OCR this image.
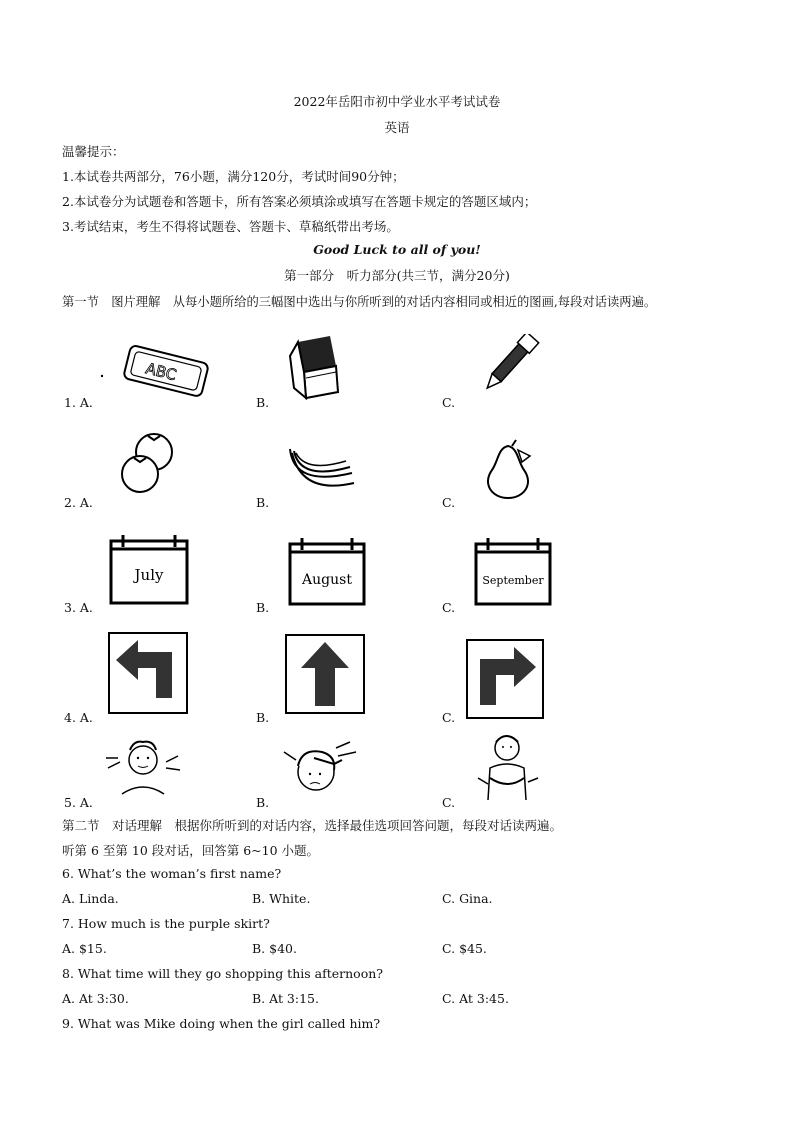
2022年岳阳市初中学业水平考试试卷
英语
温馨提示：
1.本试卷共两部分，76小题，满分120分，考试时间90分钟；
2.本试卷分为试题卷和答题卡，所有答案必须填涂或填写在答题卡规定的答题区域内；
3.考试结束，考生不得将试题卷、答题卡、草稿纸带出考场。
Good Luck to all of you!
第一部分　听力部分(共三节，满分20分)
第一节　图片理解　从每小题所给的三幅图中选出与你所听到的对话内容相同或相近的图画,每段对话读两遍。
ABC
1. A.	B.	C.
2. A.	B.	C.
July	August	September
3. A.	B.	C.
4. A.	B.	C.
5. A.	B.	C.
第二节　对话理解　根据你所听到的对话内容，选择最佳选项回答问题，每段对话读两遍。
听第 6 至第 10 段对话，回答第 6~10 小题。
6. What’s the woman’s first name?
A. Linda.	B. White.	C. Gina.
7. How much is the purple skirt?
A. $15.	B. $40.	C. $45.
8. What time will they go shopping this afternoon?
A. At 3:30.	B. At 3:15.	C. At 3:45.
9. What was Mike doing when the girl called him?
